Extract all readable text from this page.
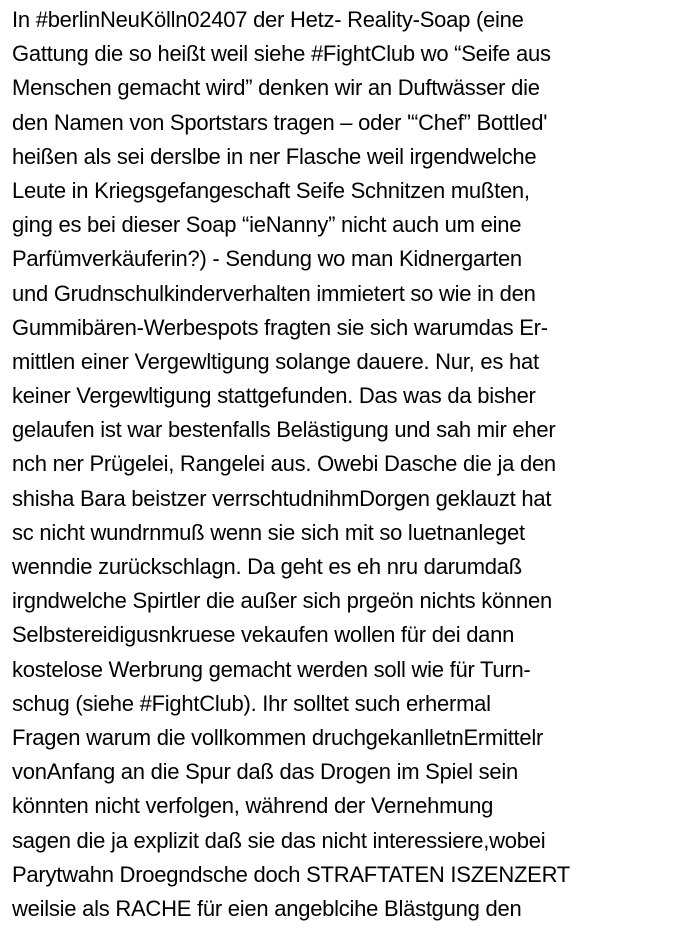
In #berlinNeuKölln02407 der Hetz- Reality-Soap (eine
Gattung die so heißt weil siehe #FightClub wo “Seife aus
Menschen gemacht wird” denken wir an Duftwässer die
den Namen von Sportstars tragen – oder '“Chef” Bottled'
heißen als sei derslbe in ner Flasche weil irgendwelche
Leute in Kriegsgefangeschaft Seife Schnitzen mußten,
ging es bei dieser Soap “ieNanny” nicht auch um eine
Parfümverkäuferin?) - Sendung wo man Kidnergarten
und Grudnschulkinderverhalten immietert so wie in den
Gummibären-Werbespots fragten sie sich warumdas Er-
mittlen einer Vergewltigung solange dauere. Nur, es hat
keiner Vergewltigung stattgefunden. Das was da bisher
gelaufen ist war bestenfalls Belästigung und sah mir eher
nch ner Prügelei, Rangelei aus. Owebi Dasche die ja den
shisha Bara beistzer verrschtudnihmDorgen geklauzt hat
sc nicht wundrnmuß wenn sie sich mit so luetnanleget
wenndie zurückschlagn. Da geht es eh nru darumdaß
irgndwelche Spirtler die außer sich prgeön nichts können
Selbstereidigusnkruese vekaufen wollen für dei dann
kostelose Werbrung gemacht werden soll wie für Turn-
schug (siehe #FightClub). Ihr solltet such erhermal
Fragen warum die vollkommen druchgekanlletnErmittelr
vonAnfang an die Spur daß das Drogen im Spiel sein
könnten nicht verfolgen, während der Vernehmung
sagen die ja explizit daß sie das nicht interessiere,wobei
Parytwahn Droegndsche doch STRAFTATEN ISZENZERT
weilsie als RACHE für eien angeblcihe Blästgung den
